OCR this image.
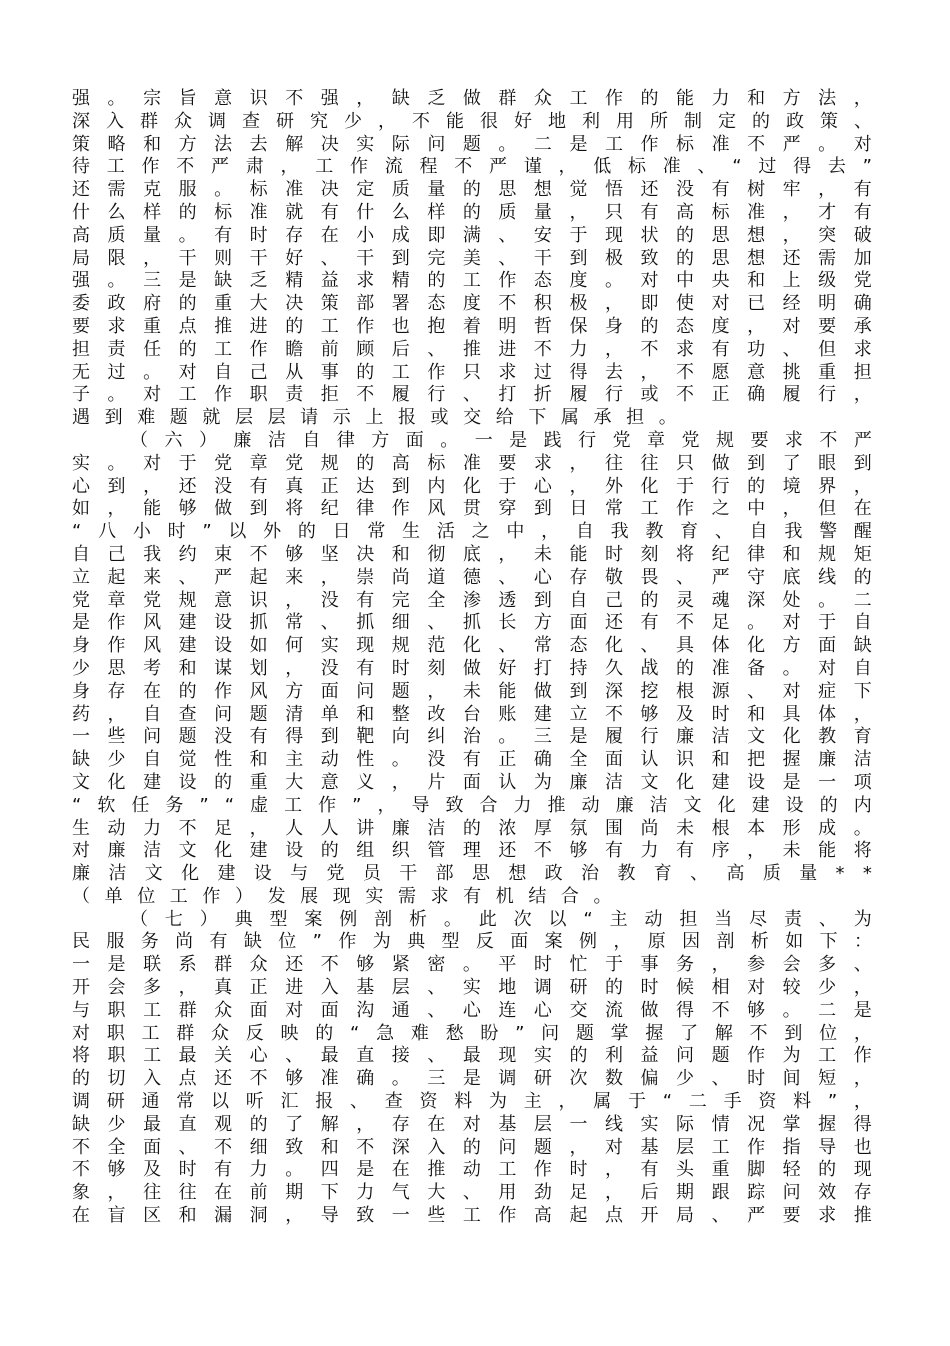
强 。 宗 旨 意 识 不 强 ， 缺 乏 做 群 众 工 作 的 能 力 和 方 法 ，
深 入 群 众 调 查 研 究 少 ， 不 能 很 好 地 利 用 所 制 定 的 政 策 、
策 略 和 方 法 去 解 决 实 际 问 题 。 二 是 工 作 标 准 不 严 。 对
待 工 作 不 严 肃 ， 工 作 流 程 不 严 谨 ， 低 标 准 、 “ 过 得 去 ”
还 需 克 服 。 标 准 决 定 质 量 的 思 想 觉 悟 还 没 有 树 牢 ， 有
什 么 样 的 标 准 就 有 什 么 样 的 质 量 ， 只 有 高 标 准 ， 才 有
高 质 量 。 有 时 存 在 小 成 即 满 、 安 于 现 状 的 思 想 ， 突 破
局 限 ， 干 则 干 好 、 干 到 完 美 、 干 到 极 致 的 思 想 还 需 加
强 。 三 是 缺 乏 精 益 求 精 的 工 作 态 度 。 对 中 央 和 上 级 党
委 政 府 的 重 大 决 策 部 署 态 度 不 积 极 ， 即 使 对 已 经 明 确
要 求 重 点 推 进 的 工 作 也 抱 着 明 哲 保 身 的 态 度 ， 对 要 承
担 责 任 的 工 作 瞻 前 顾 后 、 推 进 不 力 ， 不 求 有 功 、 但 求
无 过 。 对 自 己 从 事 的 工 作 只 求 过 得 去 ， 不 愿 意 挑 重 担
子 。 对 工 作 职 责 拒 不 履 行 、 打 折 履 行 或 不 正 确 履 行 ，
遇 到 难 题 就 层 层 请 示 上 报 或 交 给 下 属 承 担 。
（ 六 ） 廉 洁 自 律 方 面 。 一 是 践 行 党 章 党 规 要 求 不 严
实 。 对 于 党 章 党 规 的 高 标 准 要 求 ， 往 往 只 做 到 了 眼 到
心 到 ， 还 没 有 真 正 达 到 内 化 于 心 ， 外 化 于 行 的 境 界 ，
如 ， 能 够 做 到 将 纪 律 作 风 贯 穿 到 日 常 工 作 之 中 ， 但 在
“ 八 小 时 ” 以 外 的 日 常 生 活 之 中 ， 自 我 教 育 、 自 我 警 醒
自 己 我 约 束 不 够 坚 决 和 彻 底 ， 未 能 时 刻 将 纪 律 和 规 矩
立 起 来 、 严 起 来 ， 崇 尚 道 德 、 心 存 敬 畏 、 严 守 底 线 的
党 章 党 规 意 识 ， 没 有 完 全 渗 透 到 自 己 的 灵 魂 深 处 。 二
是 作 风 建 设 抓 常 、 抓 细 、 抓 长 方 面 还 有 不 足 。 对 于 自
身 作 风 建 设 如 何 实 现 规 范 化 、 常 态 化 、 具 体 化 方 面 缺
少 思 考 和 谋 划 ， 没 有 时 刻 做 好 打 持 久 战 的 准 备 。 对 自
身 存 在 的 作 风 方 面 问 题 ， 未 能 做 到 深 挖 根 源 、 对 症 下
药 ， 自 查 问 题 清 单 和 整 改 台 账 建 立 不 够 及 时 和 具 体 ，
一 些 问 题 没 有 得 到 靶 向 纠 治 。 三 是 履 行 廉 洁 文 化 教 育
缺 少 自 觉 性 和 主 动 性 。 没 有 正 确 全 面 认 识 和 把 握 廉 洁
文 化 建 设 的 重 大 意 义 ， 片 面 认 为 廉 洁 文 化 建 设 是 一 项
“ 软 任 务 ” “ 虚 工 作 ” ， 导 致 合 力 推 动 廉 洁 文 化 建 设 的 内
生 动 力 不 足 ， 人 人 讲 廉 洁 的 浓 厚 氛 围 尚 未 根 本 形 成 。
对 廉 洁 文 化 建 设 的 组 织 管 理 还 不 够 有 力 有 序 ， 未 能 将
廉 洁 文 化 建 设 与 党 员 干 部 思 想 政 治 教 育 、 高 质 量 * *
（ 单 位 工 作 ） 发 展 现 实 需 求 有 机 结 合 。
（ 七 ） 典 型 案 例 剖 析 。 此 次 以 “ 主 动 担 当 尽 责 、 为
民 服 务 尚 有 缺 位 ” 作 为 典 型 反 面 案 例 ， 原 因 剖 析 如 下 ：
一 是 联 系 群 众 还 不 够 紧 密 。 平 时 忙 于 事 务 ， 参 会 多 、
开 会 多 ， 真 正 进 入 基 层 、 实 地 调 研 的 时 候 相 对 较 少 ，
与 职 工 群 众 面 对 面 沟 通 、 心 连 心 交 流 做 得 不 够 。 二 是
对 职 工 群 众 反 映 的 “ 急 难 愁 盼 ” 问 题 掌 握 了 解 不 到 位 ，
将 职 工 最 关 心 、 最 直 接 、 最 现 实 的 利 益 问 题 作 为 工 作
的 切 入 点 还 不 够 准 确 。 三 是 调 研 次 数 偏 少 、 时 间 短 ，
调 研 通 常 以 听 汇 报 、 查 资 料 为 主 ， 属 于 “ 二 手 资 料 ” ，
缺 少 最 直 观 的 了 解 ， 存 在 对 基 层 一 线 实 际 情 况 掌 握 得
不 全 面 、 不 细 致 和 不 深 入 的 问 题 ， 对 基 层 工 作 指 导 也
不 够 及 时 有 力 。 四 是 在 推 动 工 作 时 ， 有 头 重 脚 轻 的 现
象 ， 往 往 在 前 期 下 力 气 大 、 用 劲 足 ， 后 期 跟 踪 问 效 存
在 盲 区 和 漏 洞 ， 导 致 一 些 工 作 高 起 点 开 局 、 严 要 求 推
